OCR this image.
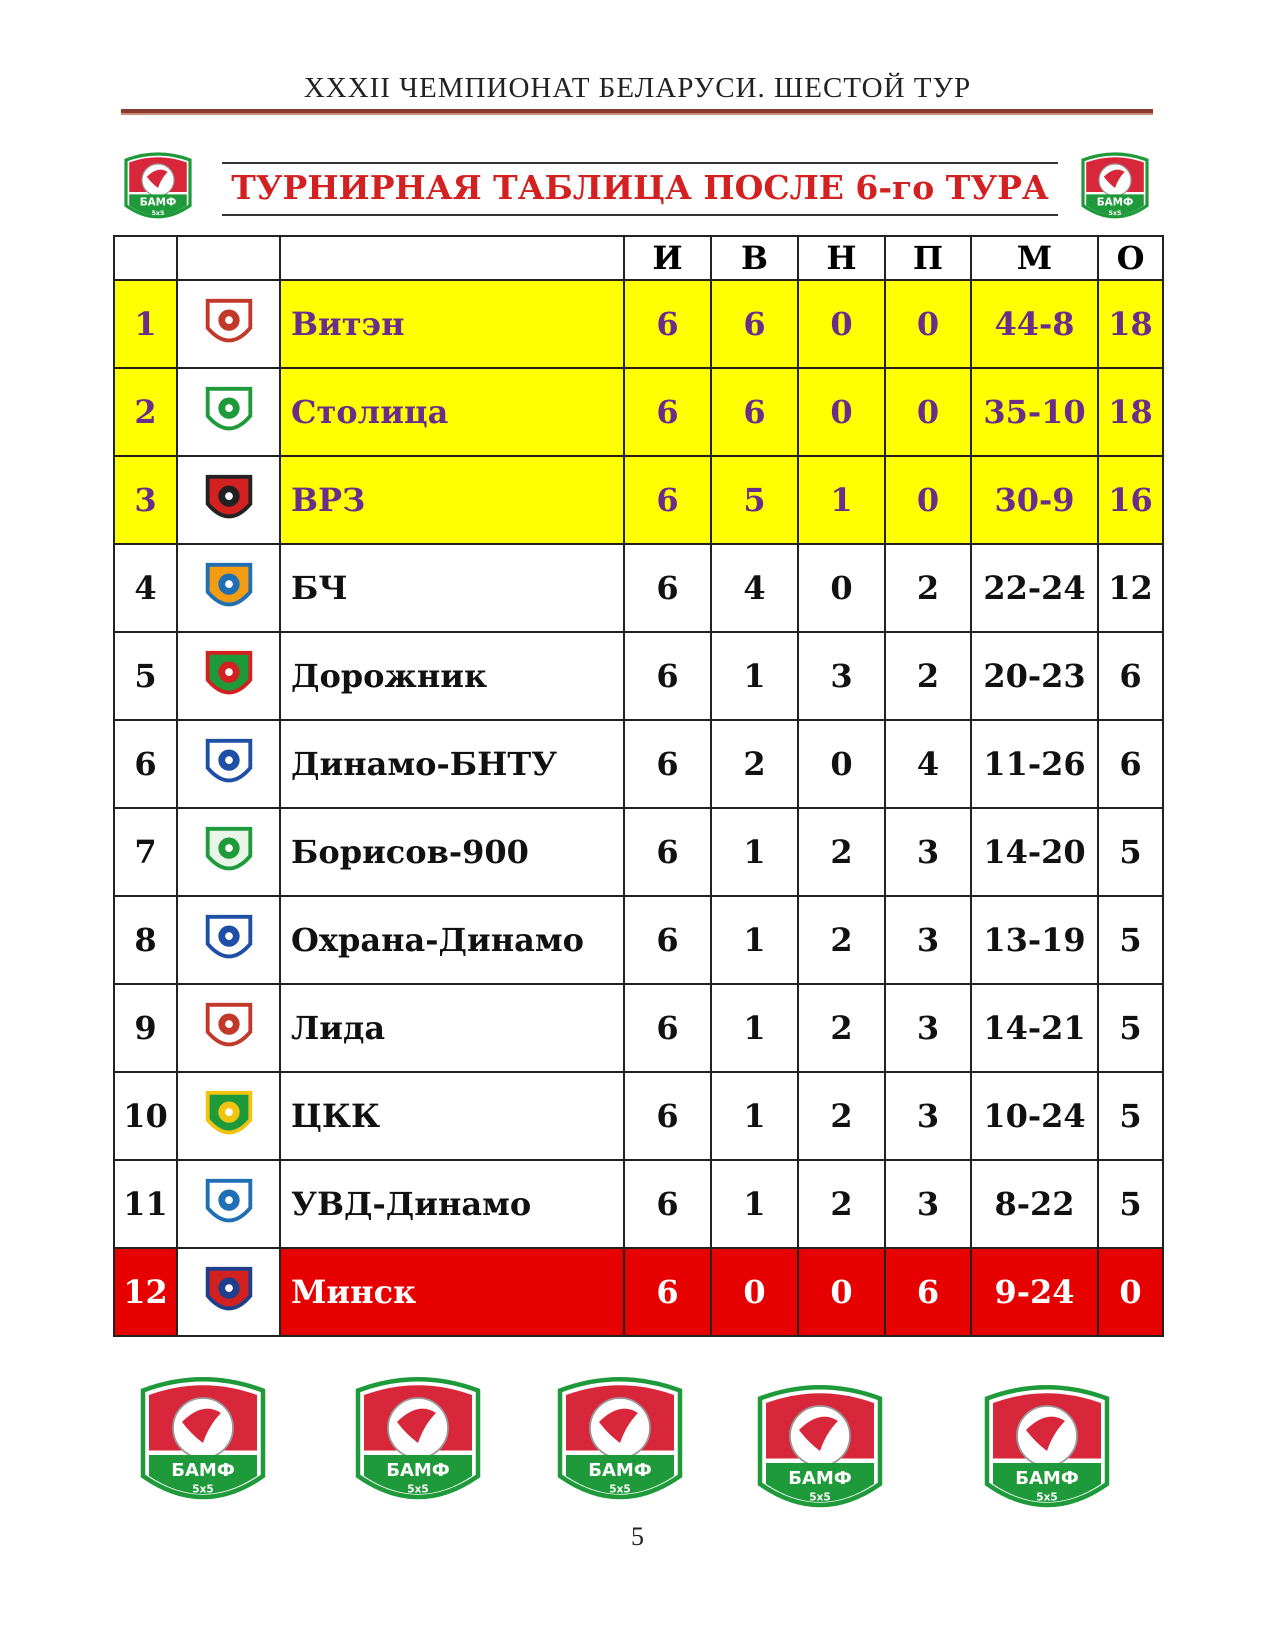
XXXII ЧЕМПИОНАТ БЕЛАРУСИ. ШЕСТОЙ ТУР
БАМФ
5x5
БАМФ
5x5
ТУРНИРНАЯ ТАБЛИЦА ПОСЛЕ 6-го ТУРА
			И	В	Н	П	М	О
1		Витэн	6	6	0	0	44-8	18
2		Столица	6	6	0	0	35-10	18
3		ВРЗ	6	5	1	0	30-9	16
4		БЧ	6	4	0	2	22-24	12
5		Дорожник	6	1	3	2	20-23	6
6		Динамо-БНТУ	6	2	0	4	11-26	6
7		Борисов-900	6	1	2	3	14-20	5
8		Охрана-Динамо	6	1	2	3	13-19	5
9		Лида	6	1	2	3	14-21	5
10		ЦКК	6	1	2	3	10-24	5
11		УВД-Динамо	6	1	2	3	8-22	5
12		Минск	6	0	0	6	9-24	0
БАМФ
5x5
БАМФ
5x5
БАМФ
5x5
БАМФ
5x5
БАМФ
5x5
5
